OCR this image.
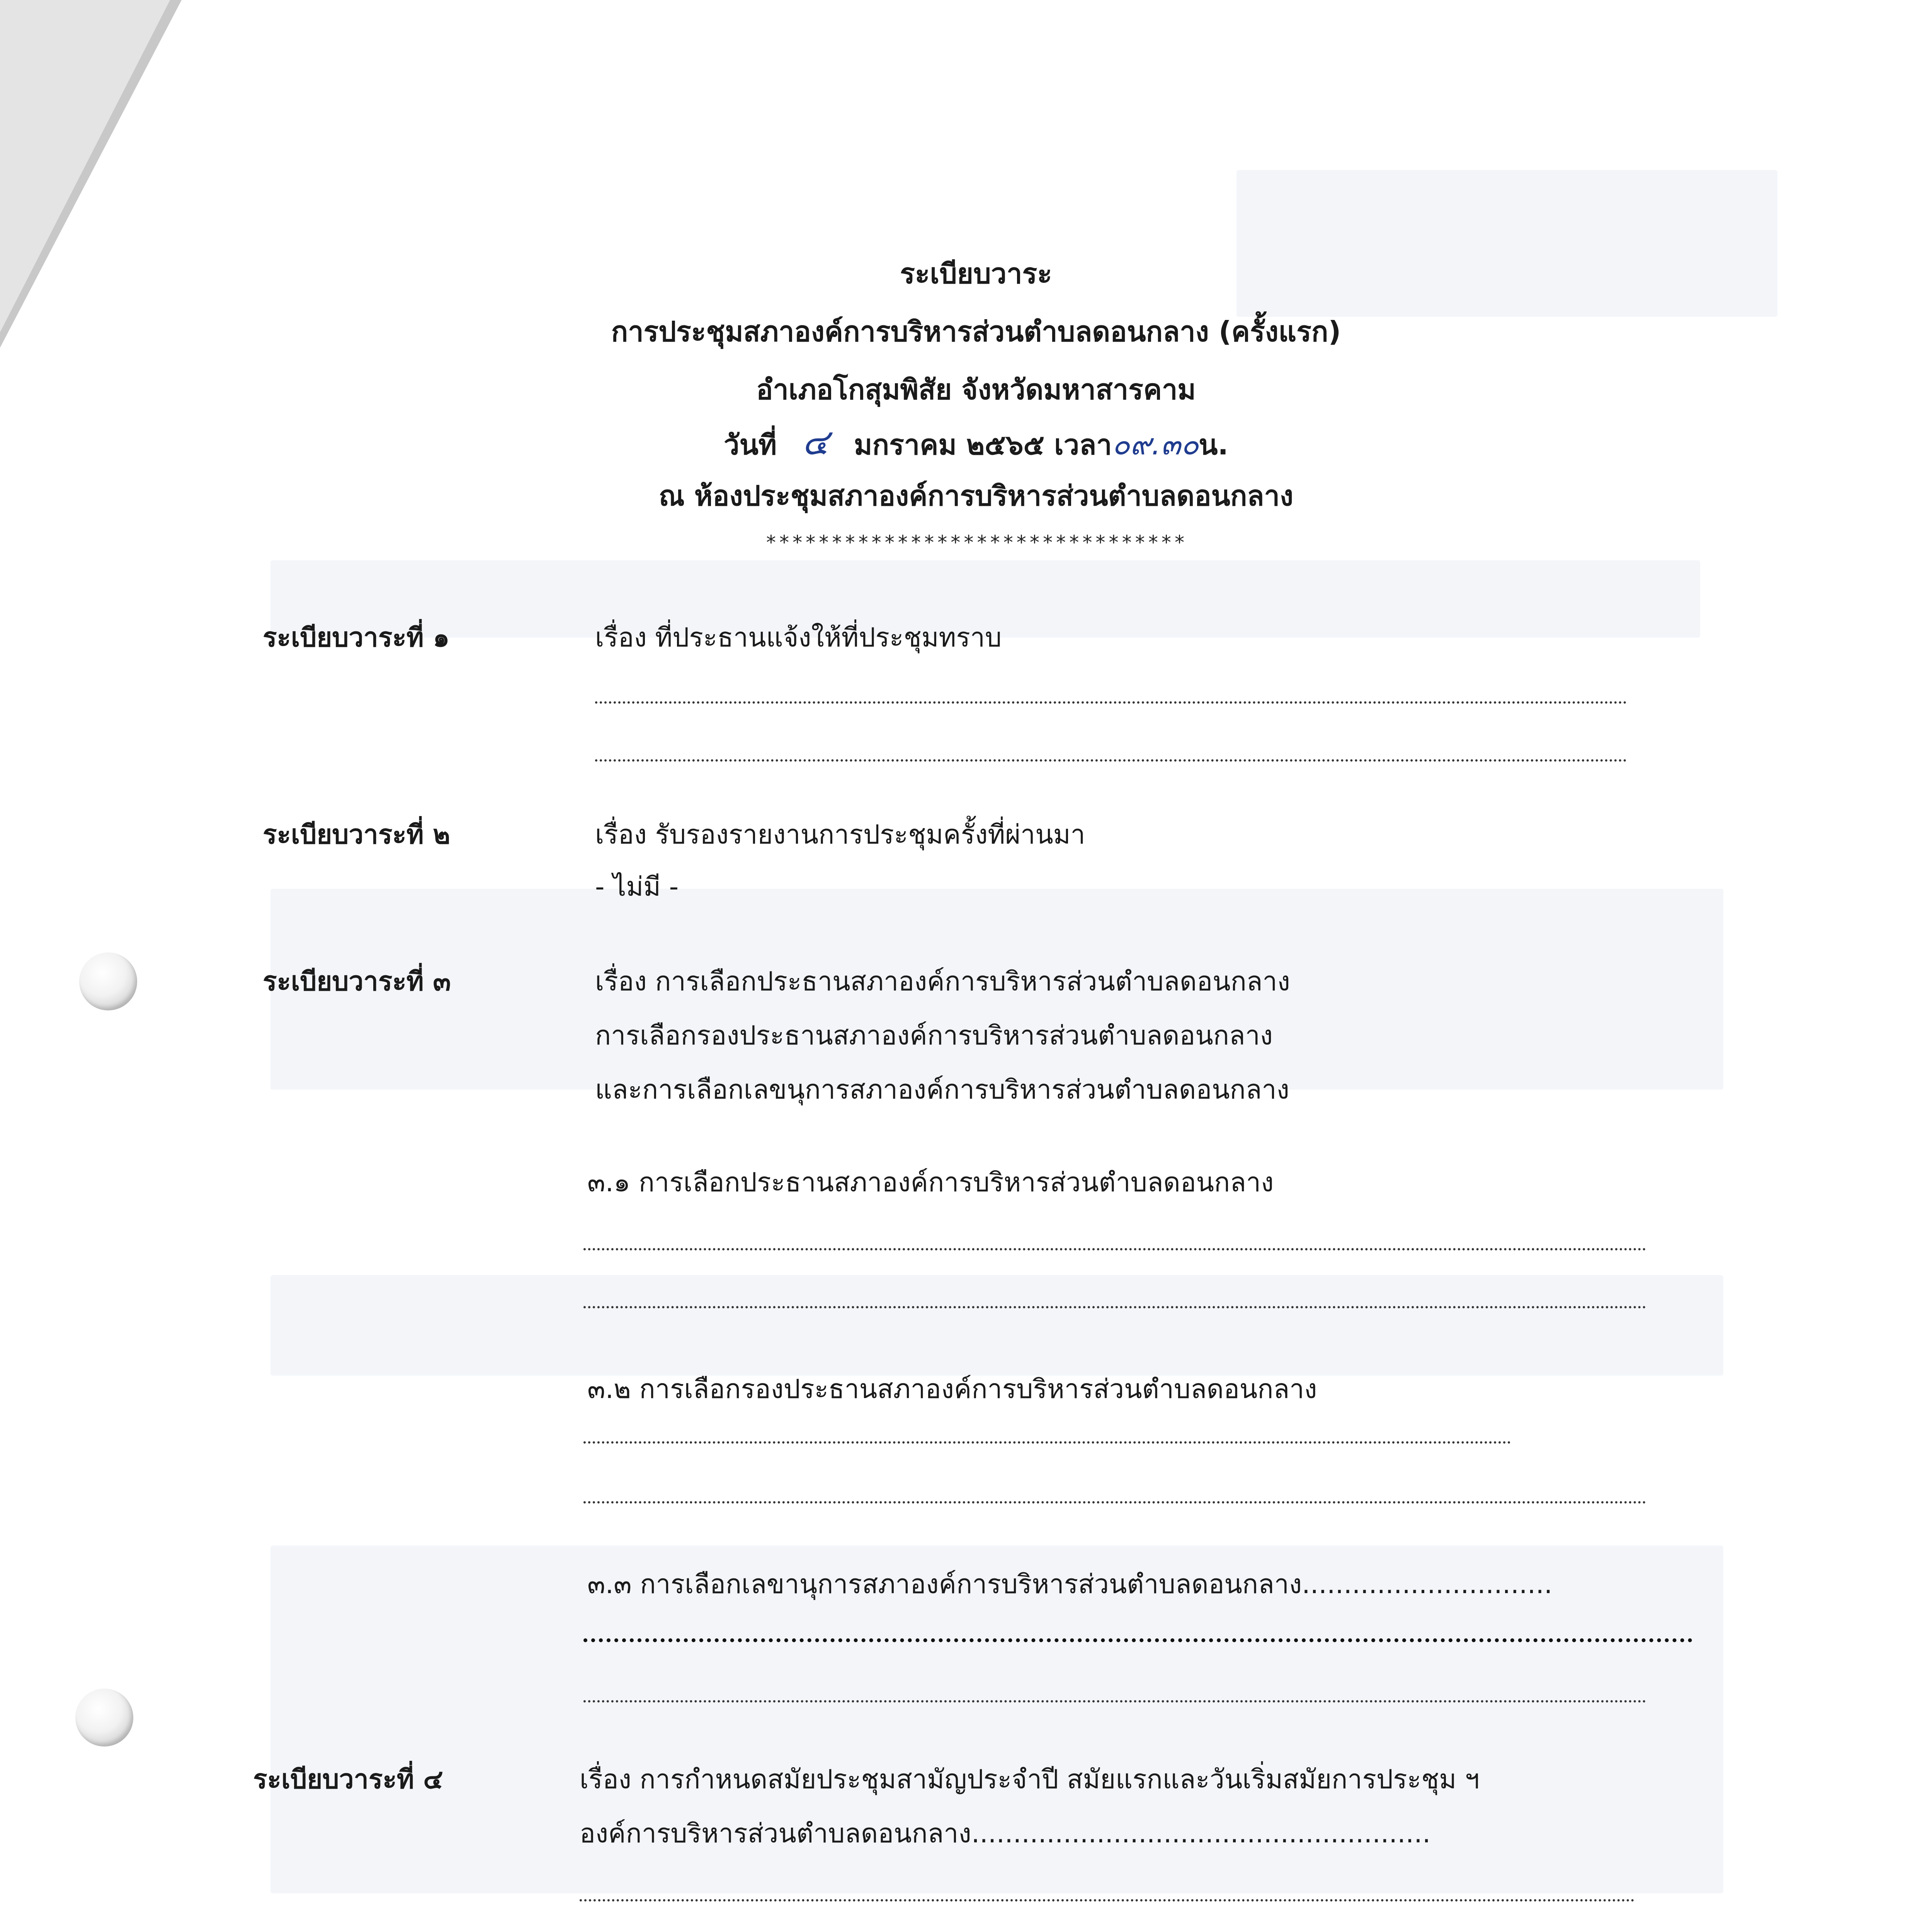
ระเบียบวาระ
การประชุมสภาองค์การบริหารส่วนตำบลดอนกลาง (ครั้งแรก)
อำเภอโกสุมพิสัย จังหวัดมหาสารคาม
วันที่ ๔ มกราคม ๒๕๖๕ เวลา๐๙.๓๐น.
ณ ห้องประชุมสภาองค์การบริหารส่วนตำบลดอนกลาง
********************************
ระเบียบวาระที่ ๑	เรื่อง ที่ประธานแจ้งให้ที่ประชุมทราบ
ระเบียบวาระที่ ๒	เรื่อง รับรองรายงานการประชุมครั้งที่ผ่านมา
- ไม่มี -
ระเบียบวาระที่ ๓	เรื่อง การเลือกประธานสภาองค์การบริหารส่วนตำบลดอนกลาง
การเลือกรองประธานสภาองค์การบริหารส่วนตำบลดอนกลาง
และการเลือกเลขนุการสภาองค์การบริหารส่วนตำบลดอนกลาง
๓.๑ การเลือกประธานสภาองค์การบริหารส่วนตำบลดอนกลาง
๓.๒ การเลือกรองประธานสภาองค์การบริหารส่วนตำบลดอนกลาง
๓.๓ การเลือกเลขานุการสภาองค์การบริหารส่วนตำบลดอนกลาง..............................
ระเบียบวาระที่ ๔	เรื่อง การกำหนดสมัยประชุมสามัญประจำปี สมัยแรกและวันเริ่มสมัยการประชุม ฯ
องค์การบริหารส่วนตำบลดอนกลาง.......................................................
